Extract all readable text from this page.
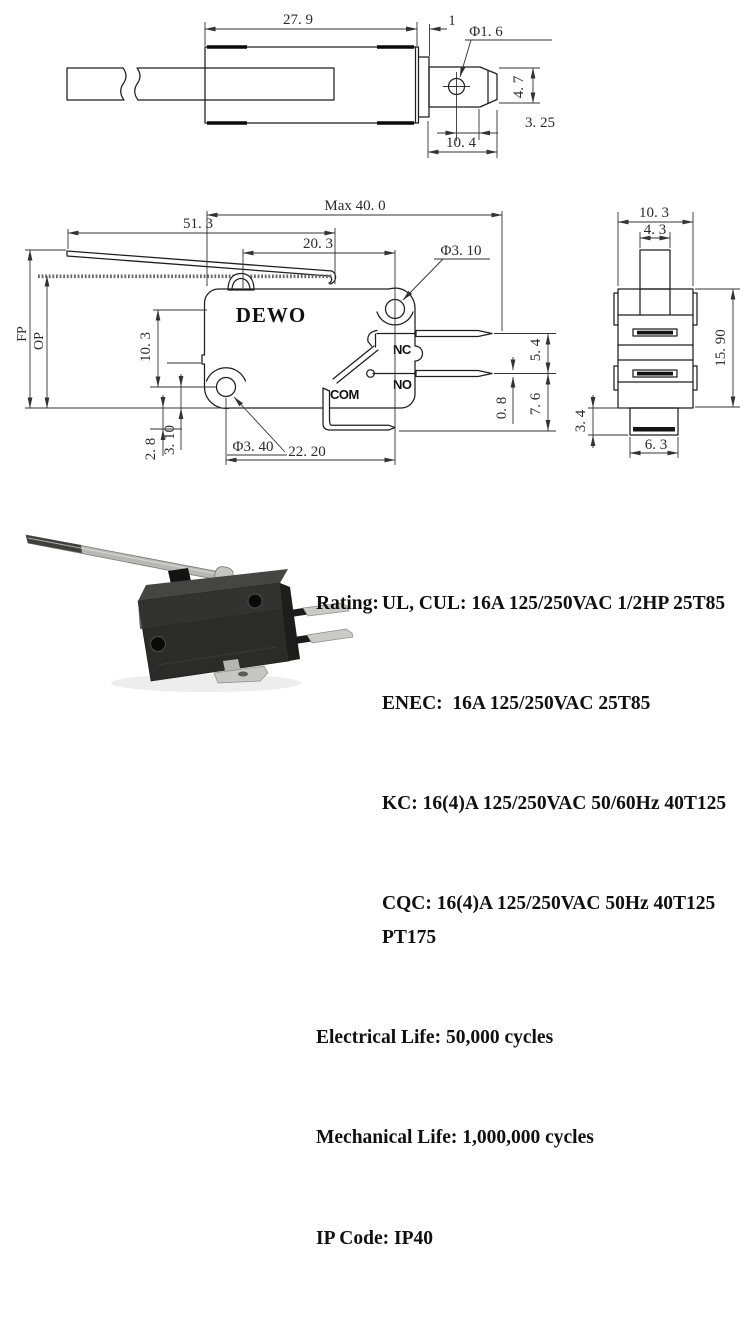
27. 9	1
Φ1. 6
4. 7
3. 25
10. 4
DEWO
NC
NO
COM
Max 40. 0
51. 3
20. 3	Φ3. 10
FP OP	10. 3
3. 10
2. 8	Φ3. 40 22. 20
0. 8
5. 4
7. 6
10. 3
4. 3
15. 90
3. 4
6. 3

Rating: UL, CUL: 16A 125/250VAC 1/2HP 25T85

ENEC:  16A 125/250VAC 25T85

KC: 16(4)A 125/250VAC 50/60Hz 40T125

CQC: 16(4)A 125/250VAC 50Hz 40T125 PT175

Electrical Life: 50,000 cycles

Mechanical Life: 1,000,000 cycles

IP Code: IP40
